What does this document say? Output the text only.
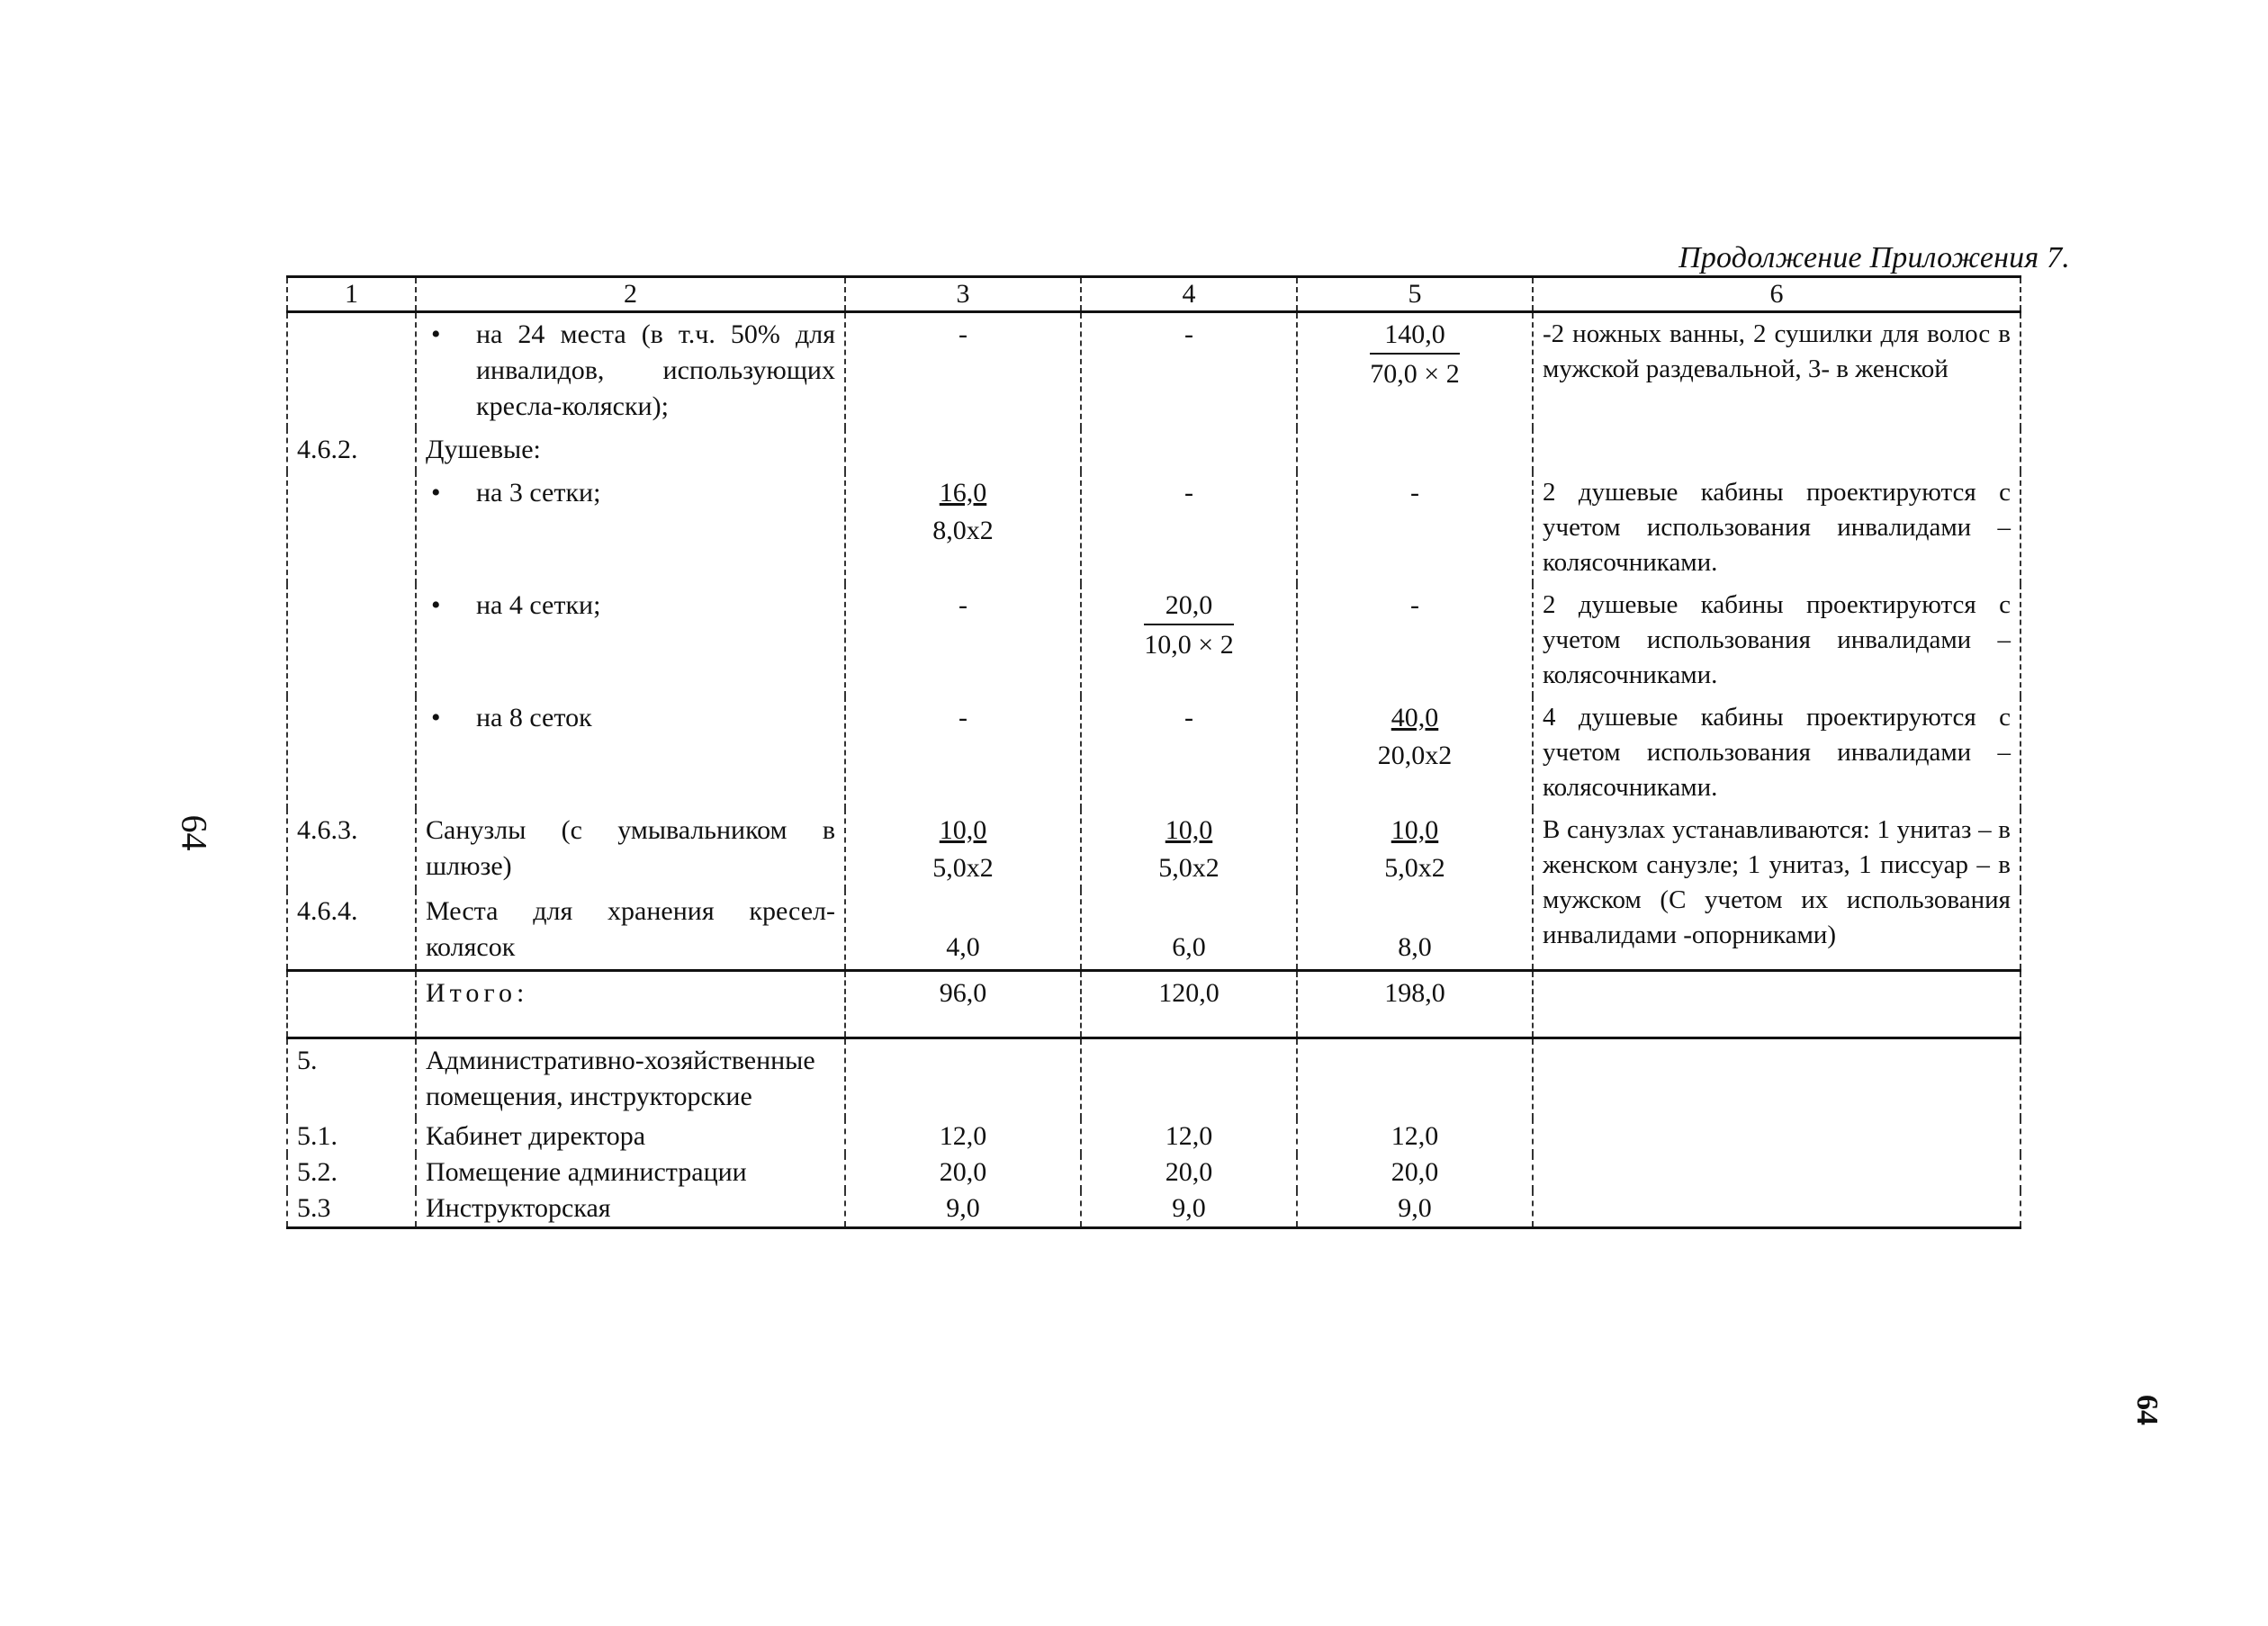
Продолжение Приложения 7.
64
64
1	2	3	4	5	6

	• на 24 места (в т.ч. 50% для инвалидов, использующих кресла-коляски);	-	-	$\frac{140,0}{70,0 \times 2}$	-2 ножных ванны, 2 сушилки для волос в мужской раздевальной, 3- в женской
4.6.2.	Душевые:				

	• на 3 сетки;	$\frac{16,0}{8,0х2}$	-	-	2 душевые кабины проектируются с учетом использования инвалидами – колясочниками.

	• на 4 сетки;	-	$\frac{20,0}{10,0 \times 2}$	-	2 душевые кабины проектируются с учетом использования инвалидами – колясочниками.

	• на 8 сеток	-	-	$\frac{40,0}{20,0х2}$	4 душевые кабины проектируются с учетом использования инвалидами – колясочниками.
4.6.3.	Санузлы (с умывальником в шлюзе)	$\frac{10,0}{5,0х2}$	$\frac{10,0}{5,0х2}$	$\frac{10,0}{5,0х2}$	В санузлах устанавливаются: 1 унитаз – в женском санузле; 1 унитаз, 1 писсуар – в мужском (С учетом их использования инвалидами -опорниками)
4.6.4.	Места для хранения кресел-колясок	4,0	6,0	8,0	
	Итого:	96,0	120,0	198,0	
5.	Административно-хозяйственные помещения, инструкторские				
5.1.	Кабинет директора	12,0	12,0	12,0	
5.2.	Помещение администрации	20,0	20,0	20,0	
5.3	Инструкторская	9,0	9,0	9,0	
